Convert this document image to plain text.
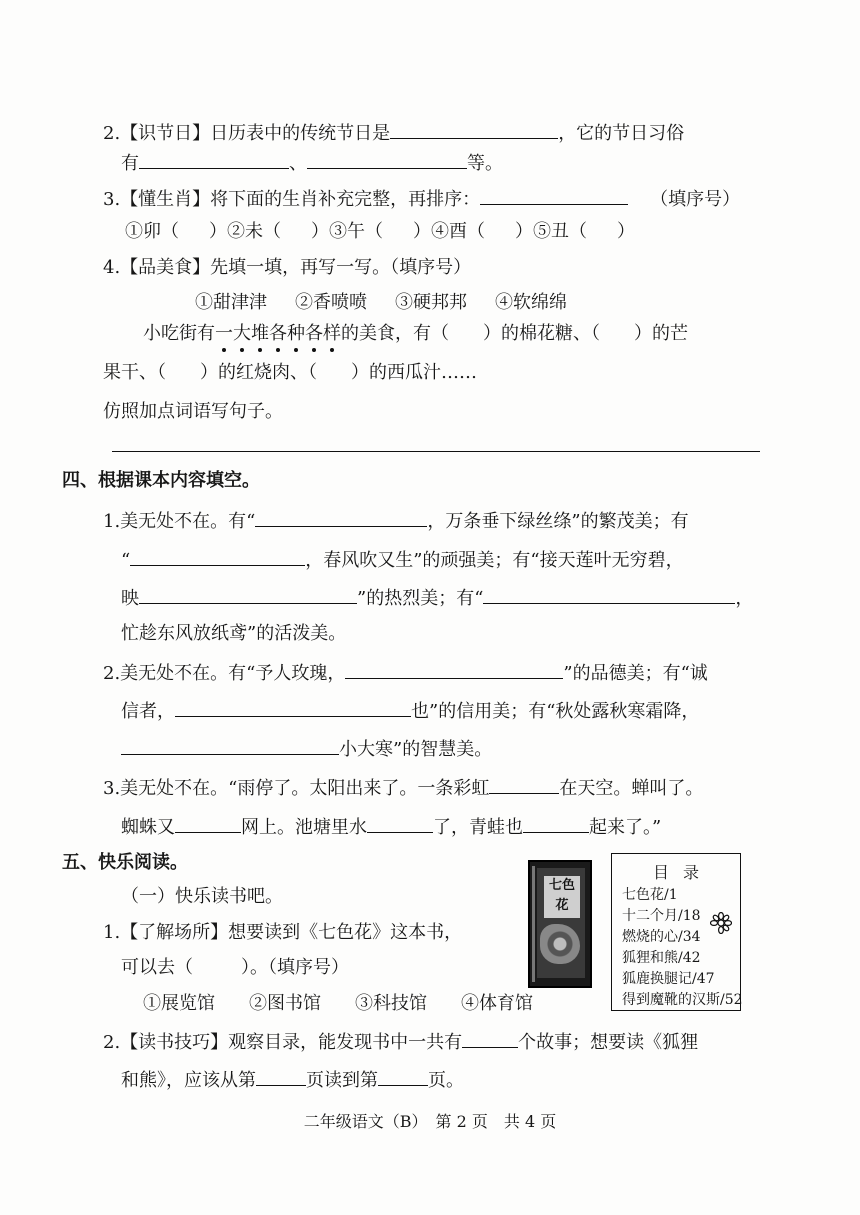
2.【识节日】日历表中的传统节日是	，它的节日习俗
有	、	等。
3.【懂生肖】将下面的生肖补充完整，再排序：	（填序号）
①卯（ ）②未（ ）③午（ ）④酉（ ）⑤丑（ ）
4.【品美食】先填一填，再写一写。（填序号）
①甜津津 ②香喷喷 ③硬邦邦 ④软绵绵
小吃街有一大堆各种各样的美食，有（ ）的棉花糖、（ ）的芒
果干、（ ）的红烧肉、（ ）的西瓜汁……
仿照加点词语写句子。
四、根据课本内容填空。
1.美无处不在。有“	，万条垂下绿丝绦”的繁茂美；有
“	，春风吹又生”的顽强美；有“接天莲叶无穷碧，
映	”的热烈美；有“	，
忙趁东风放纸鸢”的活泼美。
2.美无处不在。有“予人玫瑰，	”的品德美；有“诚
信者，	也”的信用美；有“秋处露秋寒霜降，
小大寒”的智慧美。
3.美无处不在。“雨停了。太阳出来了。一条彩虹	在天空。蝉叫了。
蜘蛛又	网上。池塘里水	了，青蛙也	起来了。”
五、快乐阅读。
（一）快乐读书吧。
1.【了解场所】想要读到《七色花》这本书，
可以去（	）。（填序号）
①展览馆 ②图书馆 ③科技馆 ④体育馆
2.【读书技巧】观察目录，能发现书中一共有	个故事；想要读《狐狸
和熊》，应该从第	页读到第	页。
七色花
目录
七色花/1
十二个月/18
燃烧的心/34
狐狸和熊/42
狐鹿换腿记/47
得到魔靴的汉斯/52
二年级语文（B）　第 2 页　共 4 页
